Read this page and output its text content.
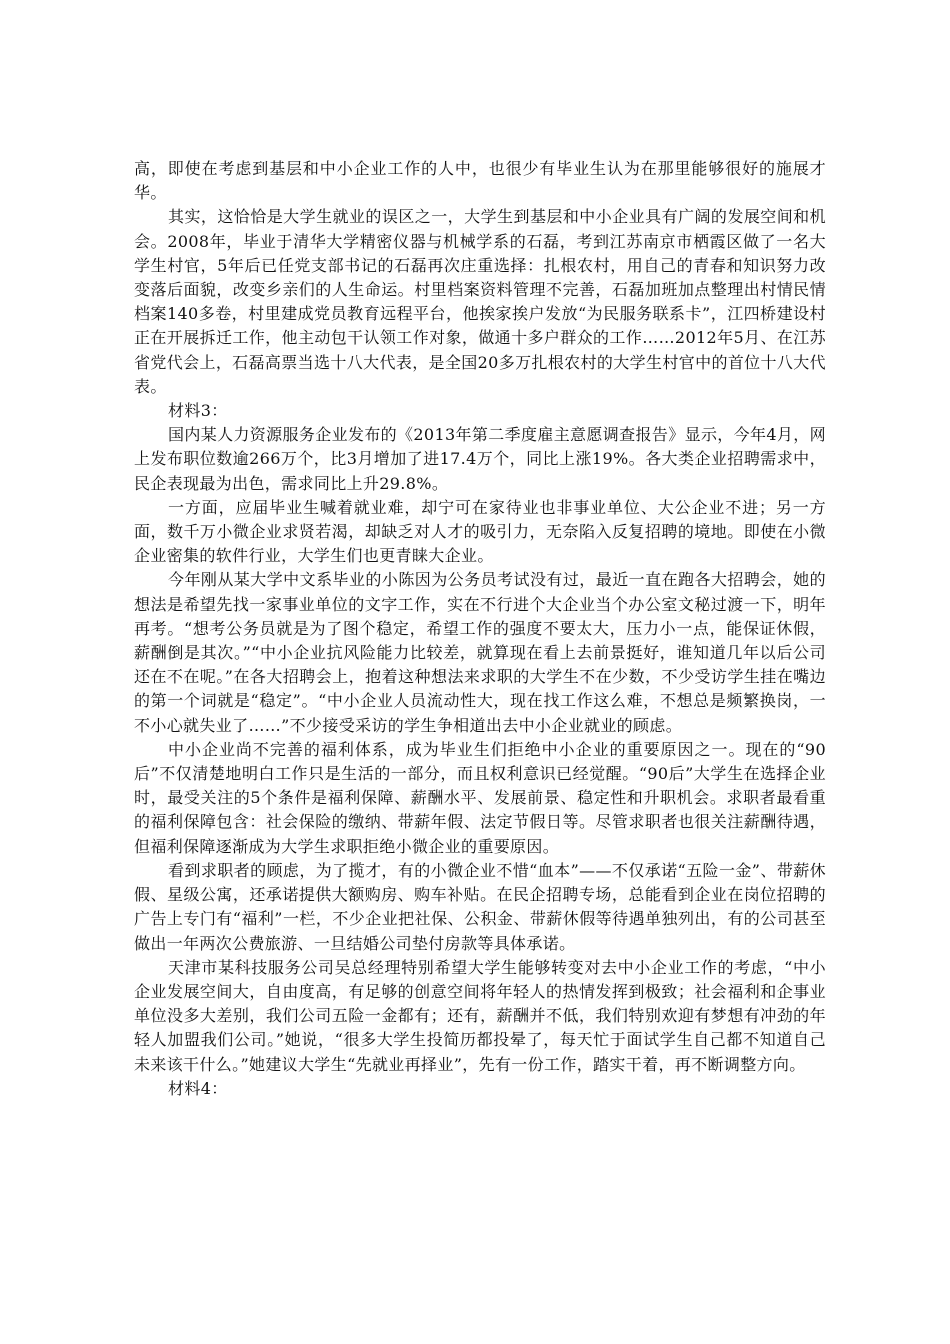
高，即使在考虑到基层和中小企业工作的人中，也很少有毕业生认为在那里能够很好的施展才华。

其实，这恰恰是大学生就业的误区之一，大学生到基层和中小企业具有广阔的发展空间和机会。2008年，毕业于清华大学精密仪器与机械学系的石磊，考到江苏南京市栖霞区做了一名大学生村官，5年后已任党支部书记的石磊再次庄重选择：扎根农村，用自己的青春和知识努力改变落后面貌，改变乡亲们的人生命运。村里档案资料管理不完善，石磊加班加点整理出村情民情档案140多卷，村里建成党员教育远程平台，他挨家挨户发放“为民服务联系卡”，江四桥建设村正在开展拆迁工作，他主动包干认领工作对象，做通十多户群众的工作……2012年5月、在江苏省党代会上，石磊高票当选十八大代表，是全国20多万扎根农村的大学生村官中的首位十八大代表。

材料3：

国内某人力资源服务企业发布的《2013年第二季度雇主意愿调查报告》显示，今年4月，网上发布职位数逾266万个，比3月增加了进17.4万个，同比上涨19%。各大类企业招聘需求中，民企表现最为出色，需求同比上升29.8%。

一方面，应届毕业生喊着就业难，却宁可在家待业也非事业单位、大公企业不进；另一方面，数千万小微企业求贤若渴，却缺乏对人才的吸引力，无奈陷入反复招聘的境地。即使在小微企业密集的软件行业，大学生们也更青睐大企业。

今年刚从某大学中文系毕业的小陈因为公务员考试没有过，最近一直在跑各大招聘会，她的想法是希望先找一家事业单位的文字工作，实在不行进个大企业当个办公室文秘过渡一下，明年再考。“想考公务员就是为了图个稳定，希望工作的强度不要太大，压力小一点，能保证休假，薪酬倒是其次。”“中小企业抗风险能力比较差，就算现在看上去前景挺好，谁知道几年以后公司还在不在呢。”在各大招聘会上，抱着这种想法来求职的大学生不在少数，不少受访学生挂在嘴边的第一个词就是“稳定”。“中小企业人员流动性大，现在找工作这么难，不想总是频繁换岗，一不小心就失业了……”不少接受采访的学生争相道出去中小企业就业的顾虑。

中小企业尚不完善的福利体系，成为毕业生们拒绝中小企业的重要原因之一。现在的“90后”不仅清楚地明白工作只是生活的一部分，而且权利意识已经觉醒。“90后”大学生在选择企业时，最受关注的5个条件是福利保障、薪酬水平、发展前景、稳定性和升职机会。求职者最看重的福利保障包含：社会保险的缴纳、带薪年假、法定节假日等。尽管求职者也很关注薪酬待遇，但福利保障逐渐成为大学生求职拒绝小微企业的重要原因。

看到求职者的顾虑，为了揽才，有的小微企业不惜“血本”——不仅承诺“五险一金”、带薪休假、星级公寓，还承诺提供大额购房、购车补贴。在民企招聘专场，总能看到企业在岗位招聘的广告上专门有“福利”一栏，不少企业把社保、公积金、带薪休假等待遇单独列出，有的公司甚至做出一年两次公费旅游、一旦结婚公司垫付房款等具体承诺。

天津市某科技服务公司吴总经理特别希望大学生能够转变对去中小企业工作的考虑，“中小企业发展空间大，自由度高，有足够的创意空间将年轻人的热情发挥到极致；社会福利和企事业单位没多大差别，我们公司五险一金都有；还有，薪酬并不低，我们特别欢迎有梦想有冲劲的年轻人加盟我们公司。”她说，“很多大学生投简历都投晕了，每天忙于面试学生自己都不知道自己未来该干什么。”她建议大学生“先就业再择业”，先有一份工作，踏实干着，再不断调整方向。

材料4：
